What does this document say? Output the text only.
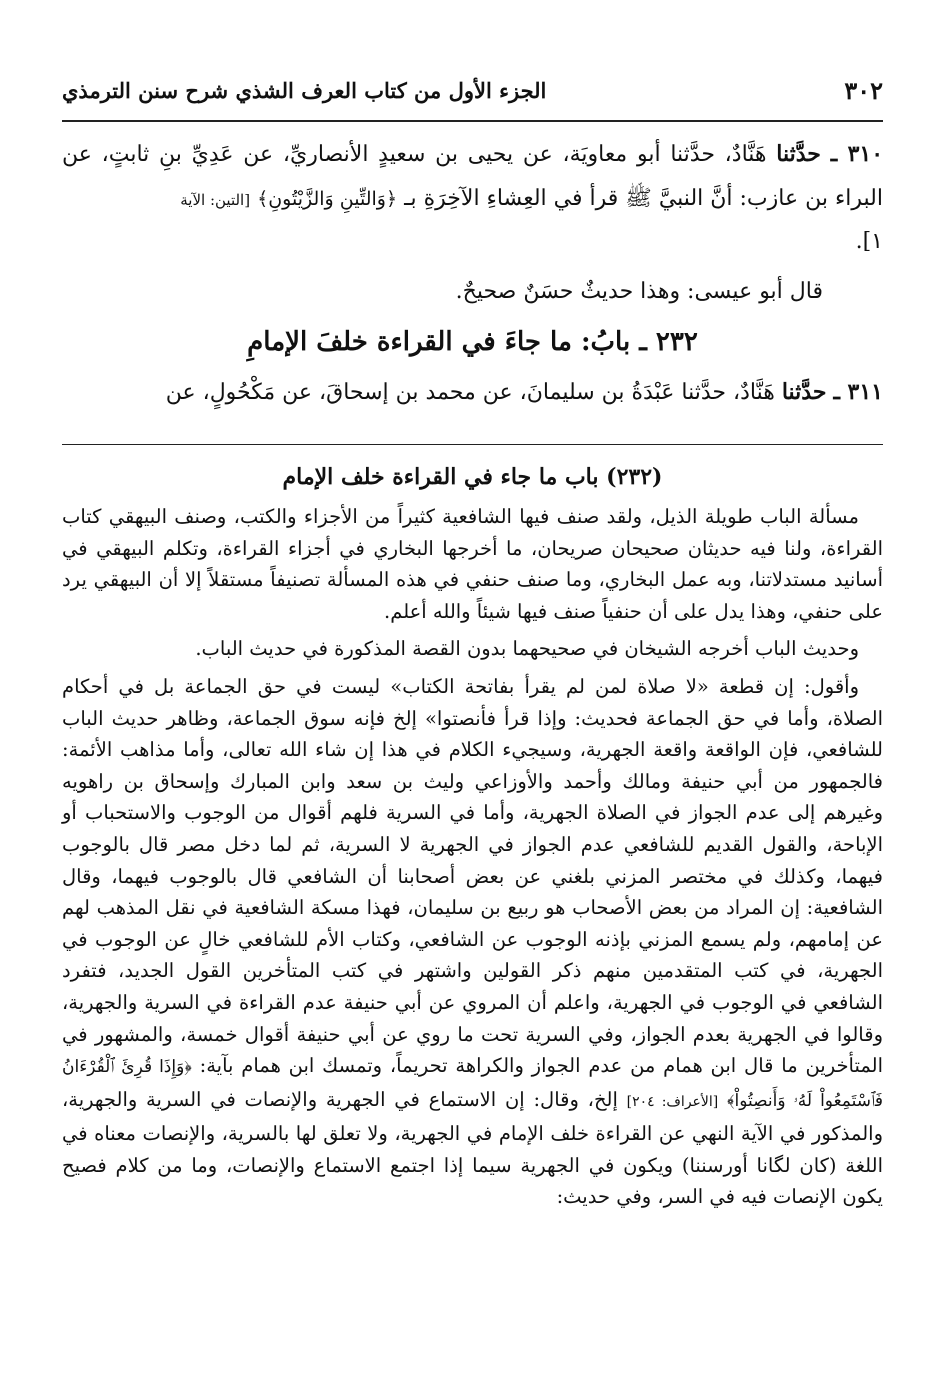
٣٠٢
الجزء الأول من كتاب العرف الشذي شرح سنن الترمذي

٣١٠ ـ حدَّثنا هَنَّادٌ، حدَّثنا أبو معاويَة، عن يحيى بن سعيدٍ الأنصاريِّ، عن عَدِيِّ بنِ ثابتٍ، عن البراء بن عازب: أنَّ النبيَّ ﷺ قرأ في العِشاءِ الآخِرَةِ بـ ﴿وَالتِّينِ وَالزَّيْتُونِ﴾ [التين: الآية

١].

قال أبو عيسى: وهذا حديثٌ حسَنٌ صحيحٌ.

٢٣٢ ـ بابُ: ما جاءَ في القراءة خلفَ الإمامِ

٣١١ ـ حدَّثنا هَنَّادٌ، حدَّثنا عَبْدَةُ بن سليمانَ، عن محمد بن إسحاقَ، عن مَكْحُولٍ، عن

(٢٣٢) باب ما جاء في القراءة خلف الإمام

مسألة الباب طويلة الذيل، ولقد صنف فيها الشافعية كثيراً من الأجزاء والكتب، وصنف البيهقي كتاب القراءة، ولنا فيه حديثان صحيحان صريحان، ما أخرجها البخاري في أجزاء القراءة، وتكلم البيهقي في أسانيد مستدلاتنا، وبه عمل البخاري، وما صنف حنفي في هذه المسألة تصنيفاً مستقلاً إلا أن البيهقي يرد على حنفي، وهذا يدل على أن حنفياً صنف فيها شيئاً والله أعلم.

وحديث الباب أخرجه الشيخان في صحيحهما بدون القصة المذكورة في حديث الباب.

وأقول: إن قطعة «لا صلاة لمن لم يقرأ بفاتحة الكتاب» ليست في حق الجماعة بل في أحكام الصلاة، وأما في حق الجماعة فحديث: وإذا قرأ فأنصتوا» إلخ فإنه سوق الجماعة، وظاهر حديث الباب للشافعي، فإن الواقعة واقعة الجهرية، وسيجيء الكلام في هذا إن شاء الله تعالى، وأما مذاهب الأئمة: فالجمهور من أبي حنيفة ومالك وأحمد والأوزاعي وليث بن سعد وابن المبارك وإسحاق بن راهويه وغيرهم إلى عدم الجواز في الصلاة الجهرية، وأما في السرية فلهم أقوال من الوجوب والاستحباب أو الإباحة، والقول القديم للشافعي عدم الجواز في الجهرية لا السرية، ثم لما دخل مصر قال بالوجوب فيهما، وكذلك في مختصر المزني بلغني عن بعض أصحابنا أن الشافعي قال بالوجوب فيهما، وقال الشافعية: إن المراد من بعض الأصحاب هو ربيع بن سليمان، فهذا مسكة الشافعية في نقل المذهب لهم عن إمامهم، ولم يسمع المزني بإذنه الوجوب عن الشافعي، وكتاب الأم للشافعي خالٍ عن الوجوب في الجهرية، في كتب المتقدمين منهم ذكر القولين واشتهر في كتب المتأخرين القول الجديد، فتفرد الشافعي في الوجوب في الجهرية، واعلم أن المروي عن أبي حنيفة عدم القراءة في السرية والجهرية، وقالوا في الجهرية بعدم الجواز، وفي السرية تحت ما روي عن أبي حنيفة أقوال خمسة، والمشهور في المتأخرين ما قال ابن همام من عدم الجواز والكراهة تحريماً، وتمسك ابن همام بآية: ﴿وَإِذَا قُرِئَ ٱلْقُرْءَانُ فَٱسْتَمِعُواْ لَهُۥ وَأَنصِتُواْ﴾ [الأعراف: ٢٠٤] إلخ، وقال: إن الاستماع في الجهرية والإنصات في السرية والجهرية، والمذكور في الآية النهي عن القراءة خلف الإمام في الجهرية، ولا تعلق لها بالسرية، والإنصات معناه في اللغة (كان لگانا أورسننا) ويكون في الجهرية سيما إذا اجتمع الاستماع والإنصات، وما من كلام فصيح يكون الإنصات فيه في السر، وفي حديث:
